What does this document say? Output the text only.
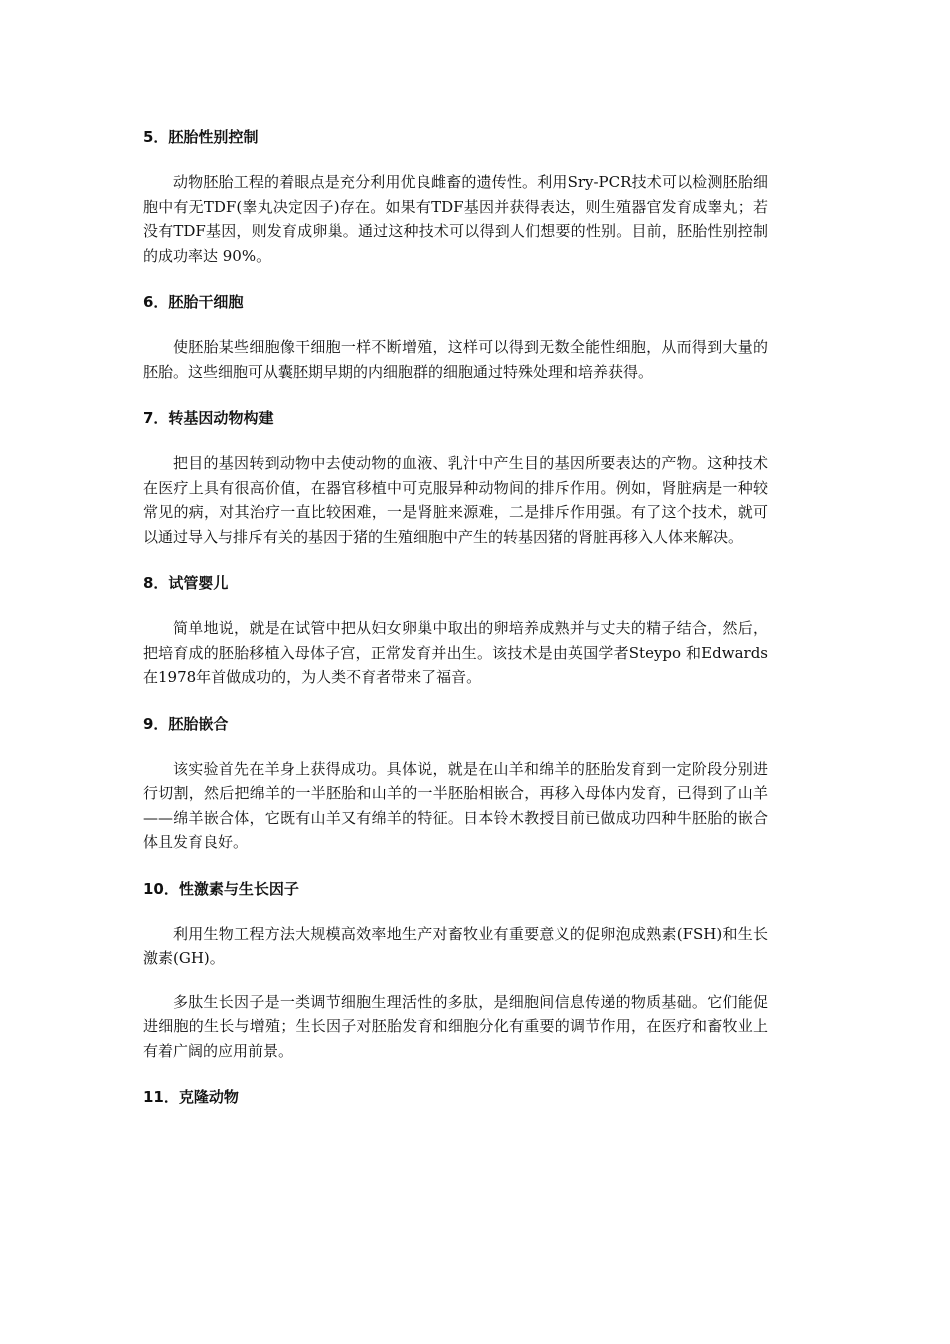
5．胚胎性别控制

动物胚胎工程的着眼点是充分利用优良雌畜的遗传性。利用Sry-PCR技术可以检测胚胎细胞中有无TDF(睾丸决定因子)存在。如果有TDF基因并获得表达，则生殖器官发育成睾丸；若没有TDF基因，则发育成卵巢。通过这种技术可以得到人们想要的性别。目前，胚胎性别控制的成功率达 90%。

6．胚胎干细胞

使胚胎某些细胞像干细胞一样不断增殖，这样可以得到无数全能性细胞，从而得到大量的胚胎。这些细胞可从囊胚期早期的内细胞群的细胞通过特殊处理和培养获得。

7．转基因动物构建

把目的基因转到动物中去使动物的血液、乳汁中产生目的基因所要表达的产物。这种技术在医疗上具有很高价值，在器官移植中可克服异种动物间的排斥作用。例如，肾脏病是一种较常见的病，对其治疗一直比较困难，一是肾脏来源难，二是排斥作用强。有了这个技术，就可以通过导入与排斥有关的基因于猪的生殖细胞中产生的转基因猪的肾脏再移入人体来解决。

8．试管婴儿

简单地说，就是在试管中把从妇女卵巢中取出的卵培养成熟并与丈夫的精子结合，然后，把培育成的胚胎移植入母体子宫，正常发育并出生。该技术是由英国学者Steypo 和Edwards 在1978年首做成功的，为人类不育者带来了福音。

9．胚胎嵌合

该实验首先在羊身上获得成功。具体说，就是在山羊和绵羊的胚胎发育到一定阶段分别进行切割，然后把绵羊的一半胚胎和山羊的一半胚胎相嵌合，再移入母体内发育，已得到了山羊——绵羊嵌合体，它既有山羊又有绵羊的特征。日本铃木教授目前已做成功四种牛胚胎的嵌合体且发育良好。

10．性激素与生长因子

利用生物工程方法大规模高效率地生产对畜牧业有重要意义的促卵泡成熟素(FSH)和生长激素(GH)。

多肽生长因子是一类调节细胞生理活性的多肽，是细胞间信息传递的物质基础。它们能促进细胞的生长与增殖；生长因子对胚胎发育和细胞分化有重要的调节作用，在医疗和畜牧业上有着广阔的应用前景。

11．克隆动物
